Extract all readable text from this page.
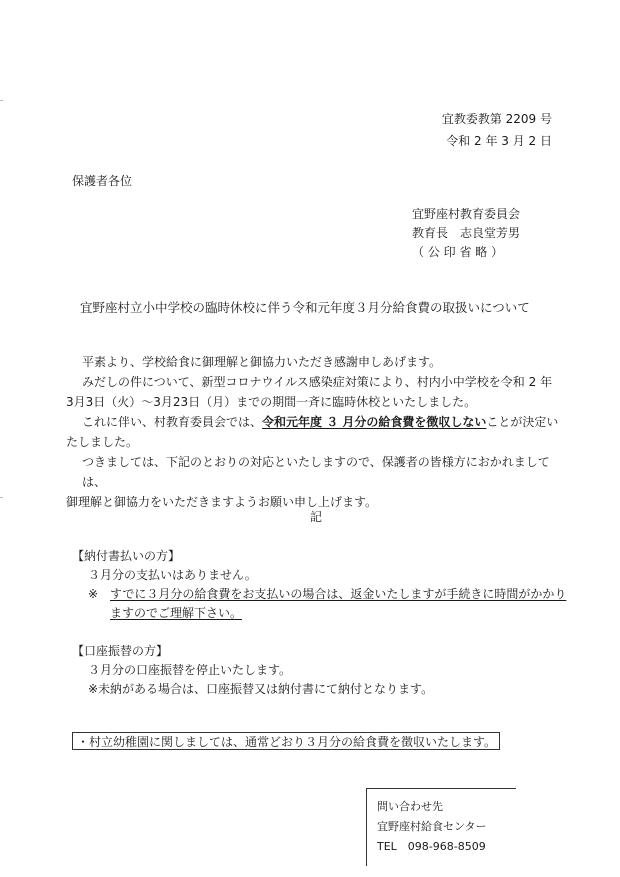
宜教委教第 2209 号
令和 2 年 3 月 2 日
保護者各位
宜野座村教育委員会
教育長　志良堂芳男
（ 公 印 省 略 ）
宜野座村立小中学校の臨時休校に伴う令和元年度３月分給食費の取扱いについて

平素より、学校給食に御理解と御協力いただき感謝申しあげます。

みだしの件について、新型コロナウイルス感染症対策により、村内小中学校を令和 2 年

3月3日（火）～3月23日（月）までの期間一斉に臨時休校といたしました。

これに伴い、村教育委員会では、令和元年度 ３ 月分の給食費を徴収しないことが決定い

たしました。

つきましては、下記のとおりの対応といたしますので、保護者の皆様方におかれましては、

御理解と御協力をいただきますようお願い申し上げます。

記
【納付書払いの方】
３月分の支払いはありません。
※ すでに３月分の給食費をお支払いの場合は、返金いたしますが手続きに時間がかかり
ますのでご理解下さい。
【口座振替の方】
３月分の口座振替を停止いたします。
※未納がある場合は、口座振替又は納付書にて納付となります。
・村立幼稚園に関しましては、通常どおり３月分の給食費を徴収いたします。
問い合わせ先
宜野座村給食センター
TEL　098-968-8509
